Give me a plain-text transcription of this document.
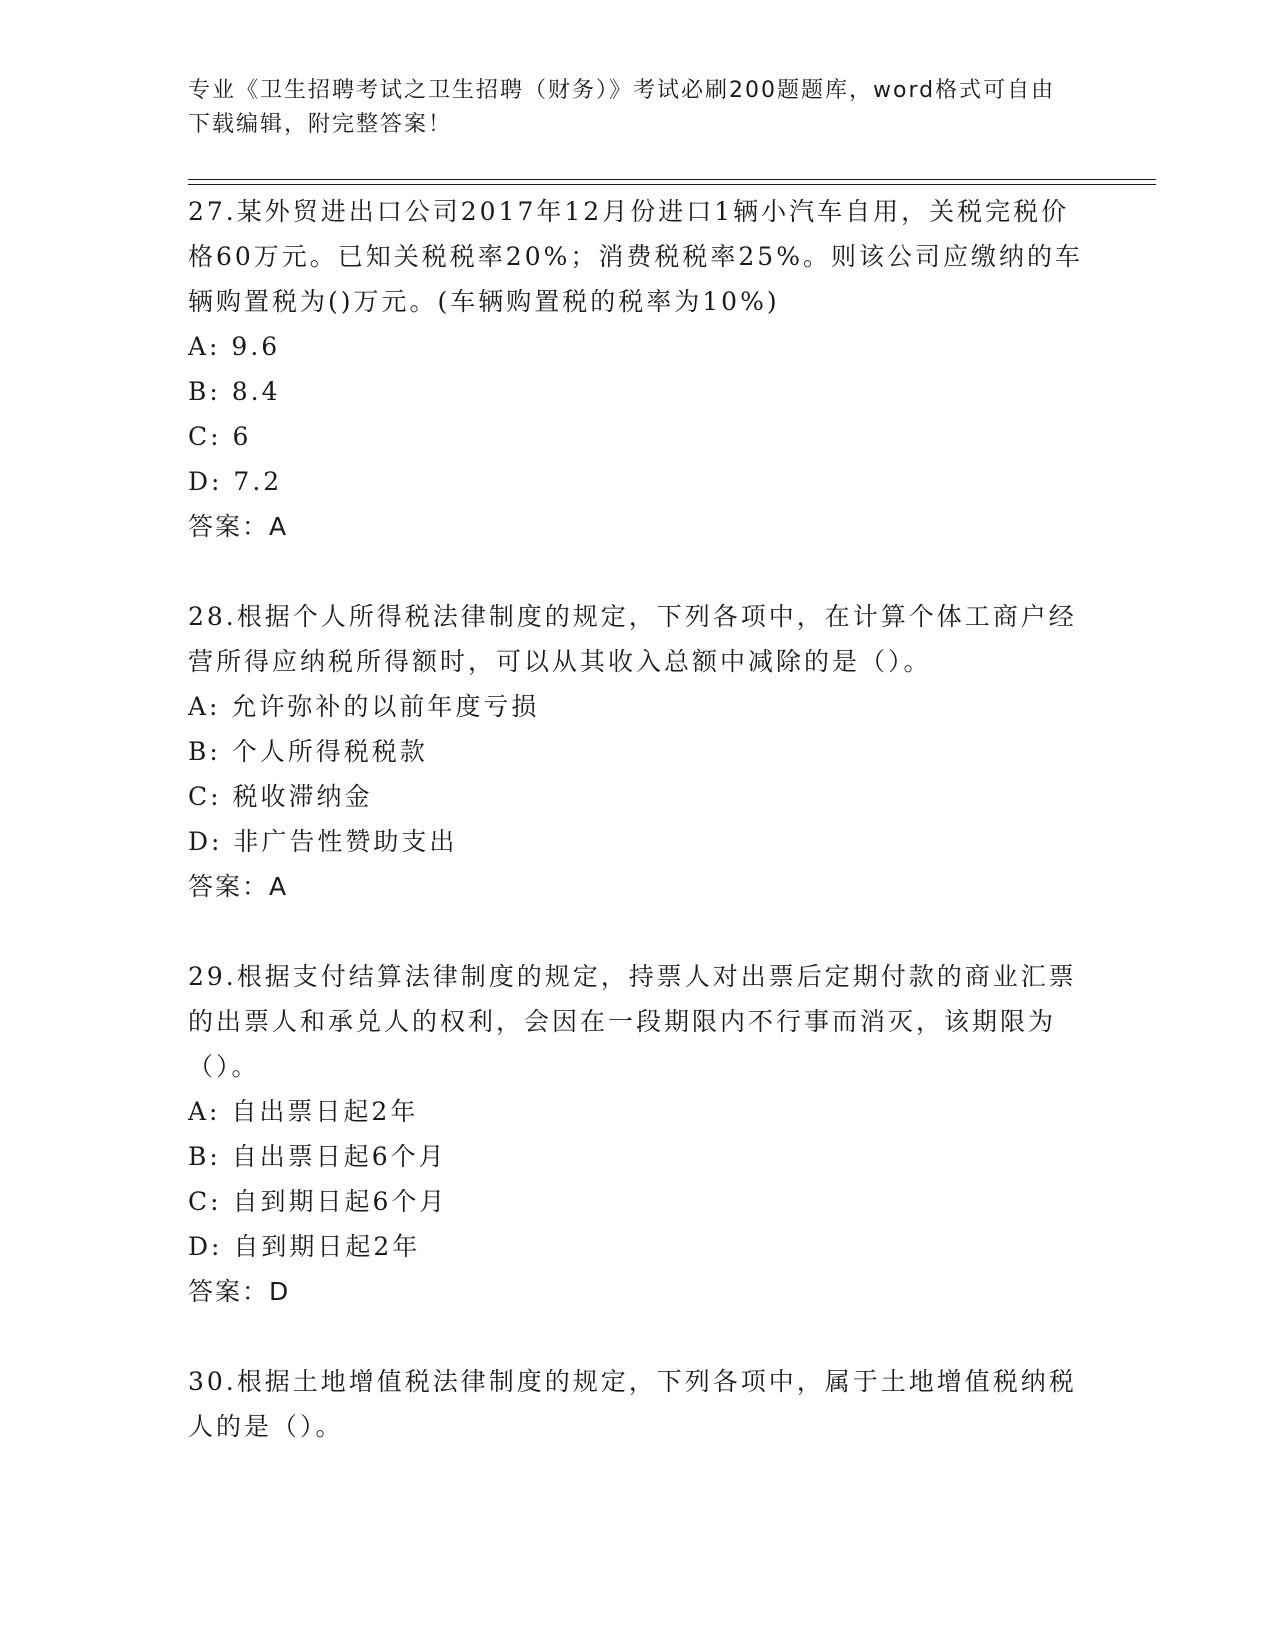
专业《卫生招聘考试之卫生招聘（财务）》考试必刷200题题库，word格式可自由下载编辑，附完整答案！
27.某外贸进出口公司2017年12月份进口1辆小汽车自用，关税完税价格60万元。已知关税税率20%；消费税税率25%。则该公司应缴纳的车辆购置税为()万元。(车辆购置税的税率为10%)
A: 9.6
B: 8.4
C: 6
D: 7.2
答案：A
28.根据个人所得税法律制度的规定，下列各项中，在计算个体工商户经营所得应纳税所得额时，可以从其收入总额中减除的是（）。
A: 允许弥补的以前年度亏损
B: 个人所得税税款
C: 税收滞纳金
D: 非广告性赞助支出
答案：A
29.根据支付结算法律制度的规定，持票人对出票后定期付款的商业汇票的出票人和承兑人的权利，会因在一段期限内不行事而消灭，该期限为（）。
A: 自出票日起2年
B: 自出票日起6个月
C: 自到期日起6个月
D: 自到期日起2年
答案：D
30.根据土地增值税法律制度的规定，下列各项中，属于土地增值税纳税人的是（）。
